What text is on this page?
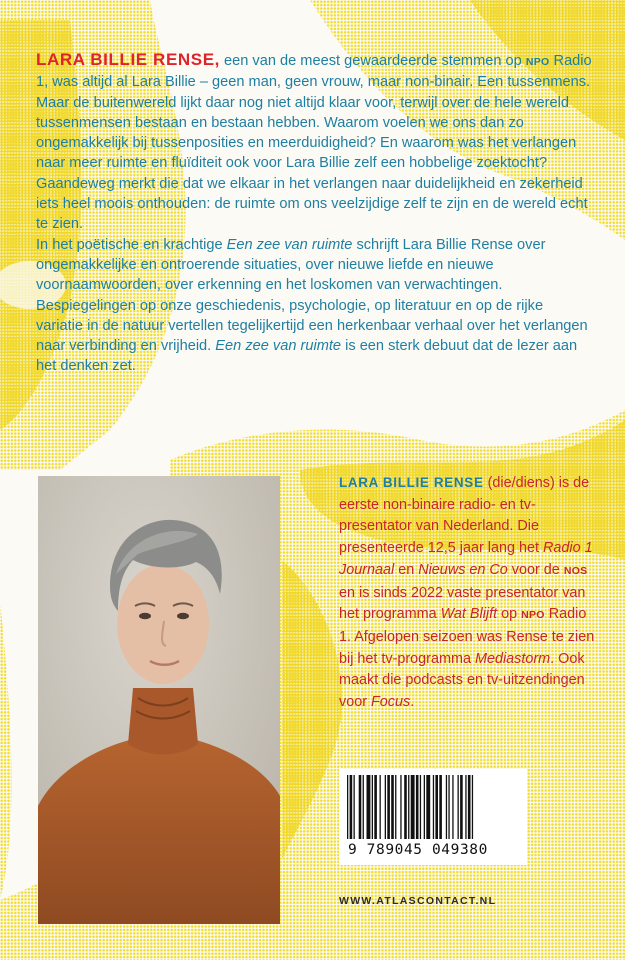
LARA BILLIE RENSE, een van de meest gewaardeerde stemmen op NPO Radio 1, was altijd al Lara Billie – geen man, geen vrouw, maar non-binair. Een tussenmens. Maar de buitenwereld lijkt daar nog niet altijd klaar voor, terwijl over de hele wereld tussenmensen bestaan en bestaan hebben. Waarom voelen we ons dan zo ongemakkelijk bij tussenposities en meerduidigheid? En waarom was het verlangen naar meer ruimte en fluïditeit ook voor Lara Billie zelf een hobbelige zoektocht? Gaandeweg merkt die dat we elkaar in het verlangen naar duidelijkheid en zekerheid iets heel moois onthouden: de ruimte om ons veelzijdige zelf te zijn en de wereld echt te zien.

In het poëtische en krachtige Een zee van ruimte schrijft Lara Billie Rense over ongemakkelijke en ontroerende situaties, over nieuwe liefde en nieuwe voornaamwoorden, over erkenning en het loskomen van verwachtingen. Bespiegelingen op onze geschiedenis, psychologie, op literatuur en op de rijke variatie in de natuur vertellen tegelijkertijd een herkenbaar verhaal over het verlangen naar verbinding en vrijheid. Een zee van ruimte is een sterk debuut dat de lezer aan het denken zet.

LARA BILLIE RENSE (die/diens) is de eerste non-binaire radio- en tv-presentator van Nederland. Die presenteerde 12,5 jaar lang het Radio 1 Journaal en Nieuws en Co voor de NOS en is sinds 2022 vaste presentator van het programma Wat Blijft op NPO Radio 1. Afgelopen seizoen was Rense te zien bij het tv-programma Mediastorm. Ook maakt die podcasts en tv-uitzendingen voor Focus.
9 789045 049380
WWW.ATLASCONTACT.NL
